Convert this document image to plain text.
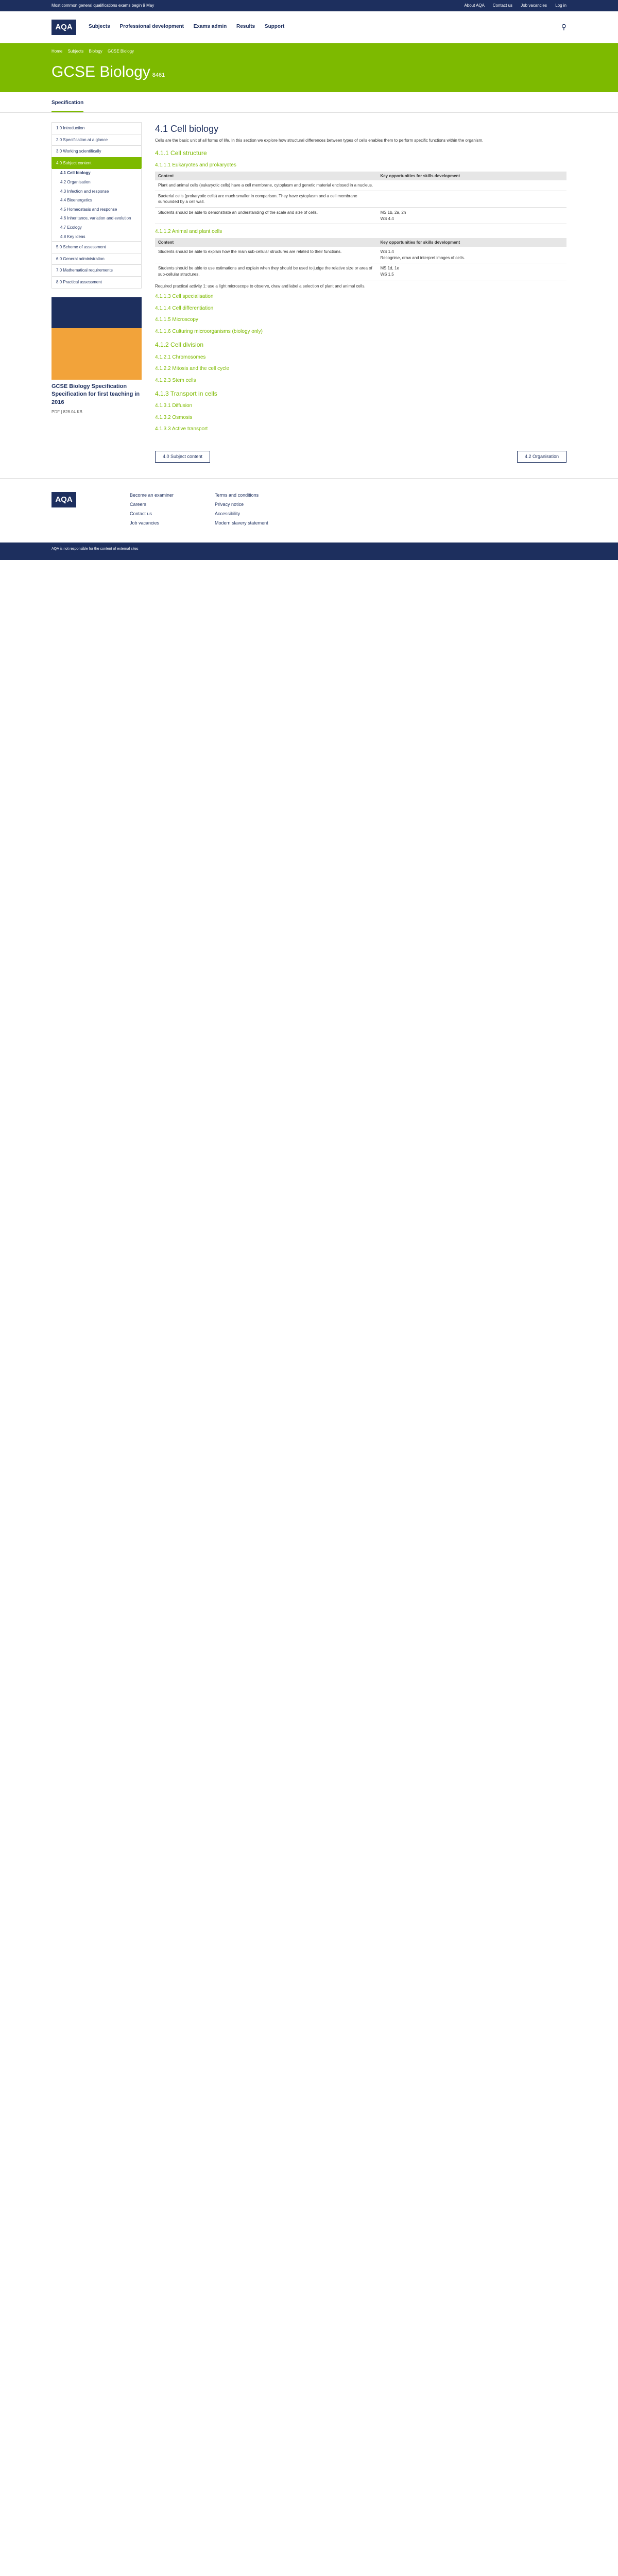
Most common general qualifications exams begin 9 May	About AQA Contact us Job vacancies Log in
AQA	Subjects Professional development Exams admin Results Support	⚲
Home Subjects Biology GCSE Biology
GCSE Biology 8461
Specification
1.0 Introduction
2.0 Specification at a glance
3.0 Working scientifically
4.0 Subject content
4.1 Cell biology
4.2 Organisation
4.3 Infection and response
4.4 Bioenergetics
4.5 Homeostasis and response
4.6 Inheritance, variation and evolution
4.7 Ecology
4.8 Key ideas
5.0 Scheme of assessment
6.0 General administration
7.0 Mathematical requirements
8.0 Practical assessment
GCSE Biology Specification Specification for first teaching in 2016

PDF | 828.04 KB

4.1 Cell biology

Cells are the basic unit of all forms of life. In this section we explore how structural differences between types of cells enables them to perform specific functions within the organism.

4.1.1 Cell structure
4.1.1.1 Eukaryotes and prokaryotes
Content	Key opportunities for skills development
Plant and animal cells (eukaryotic cells) have a cell membrane, cytoplasm and genetic material enclosed in a nucleus.	
Bacterial cells (prokaryotic cells) are much smaller in comparison. They have cytoplasm and a cell membrane surrounded by a cell wall.	
Students should be able to demonstrate an understanding of the scale and size of cells.	MS 1b, 2a, 2h
WS 4.4
4.1.1.2 Animal and plant cells
Content	Key opportunities for skills development
Students should be able to explain how the main sub-cellular structures are related to their functions.	WS 1.4
Recognise, draw and interpret images of cells.
Students should be able to use estimations and explain when they should be used to judge the relative size or area of sub-cellular structures.	MS 1d, 1e
WS 1.5

Required practical activity 1: use a light microscope to observe, draw and label a selection of plant and animal cells.

4.1.1.3 Cell specialisation
4.1.1.4 Cell differentiation
4.1.1.5 Microscopy
4.1.1.6 Culturing microorganisms (biology only)
4.1.2 Cell division
4.1.2.1 Chromosomes
4.1.2.2 Mitosis and the cell cycle
4.1.2.3 Stem cells
4.1.3 Transport in cells
4.1.3.1 Diffusion
4.1.3.2 Osmosis
4.1.3.3 Active transport
4.0 Subject content	4.2 Organisation
AQA
Become an examiner
Careers
Contact us
Job vacancies
Terms and conditions
Privacy notice
Accessibility
Modern slavery statement
AQA is not responsible for the content of external sites
